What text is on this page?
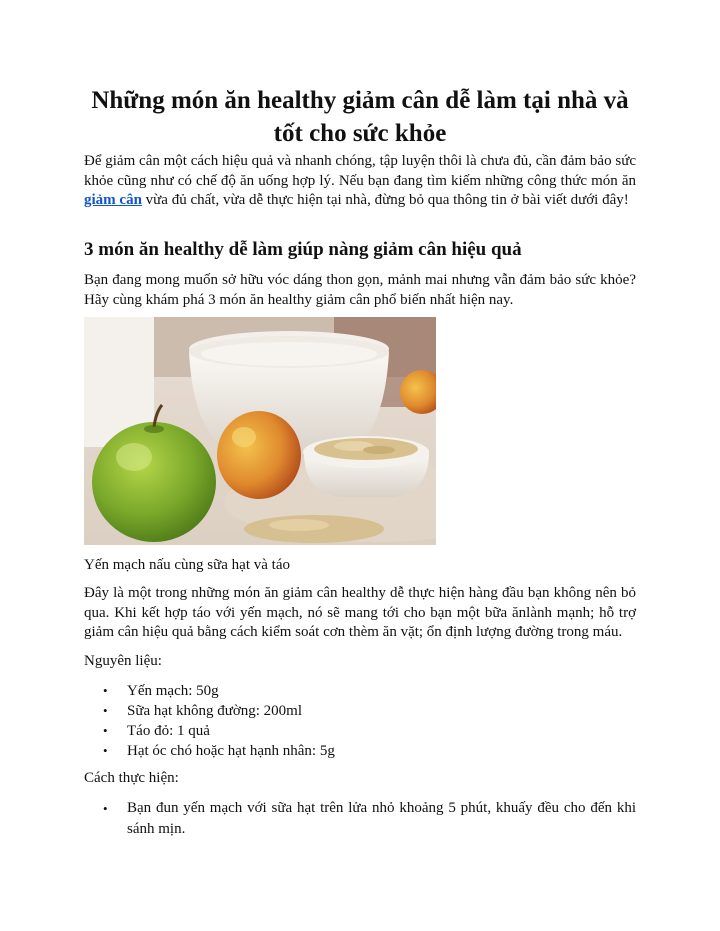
Những món ăn healthy giảm cân dễ làm tại nhà và tốt cho sức khỏe

Để giảm cân một cách hiệu quả và nhanh chóng, tập luyện thôi là chưa đủ, cần đảm bảo sức khỏe cũng như có chế độ ăn uống hợp lý. Nếu bạn đang tìm kiếm những công thức món ăn giảm cân vừa đủ chất, vừa dễ thực hiện tại nhà, đừng bỏ qua thông tin ở bài viết dưới đây!

3 món ăn healthy dễ làm giúp nàng giảm cân hiệu quả

Bạn đang mong muốn sở hữu vóc dáng thon gọn, mảnh mai nhưng vẫn đảm bảo sức khỏe? Hãy cùng khám phá 3 món ăn healthy giảm cân phổ biến nhất hiện nay.

Yến mạch nấu cùng sữa hạt và táo

Đây là một trong những món ăn giảm cân healthy dễ thực hiện hàng đầu bạn không nên bỏ qua. Khi kết hợp táo với yến mạch, nó sẽ mang tới cho bạn một bữa ănlành mạnh; hỗ trợ giảm cân hiệu quả bằng cách kiểm soát cơn thèm ăn vặt; ổn định lượng đường trong máu.

Nguyên liệu:
• Yến mạch: 50g
• Sữa hạt không đường: 200ml
• Táo đỏ: 1 quả
• Hạt óc chó hoặc hạt hạnh nhân: 5g
Cách thực hiện:
• Bạn đun yến mạch với sữa hạt trên lửa nhỏ khoảng 5 phút, khuấy đều cho đến khi sánh mịn.
